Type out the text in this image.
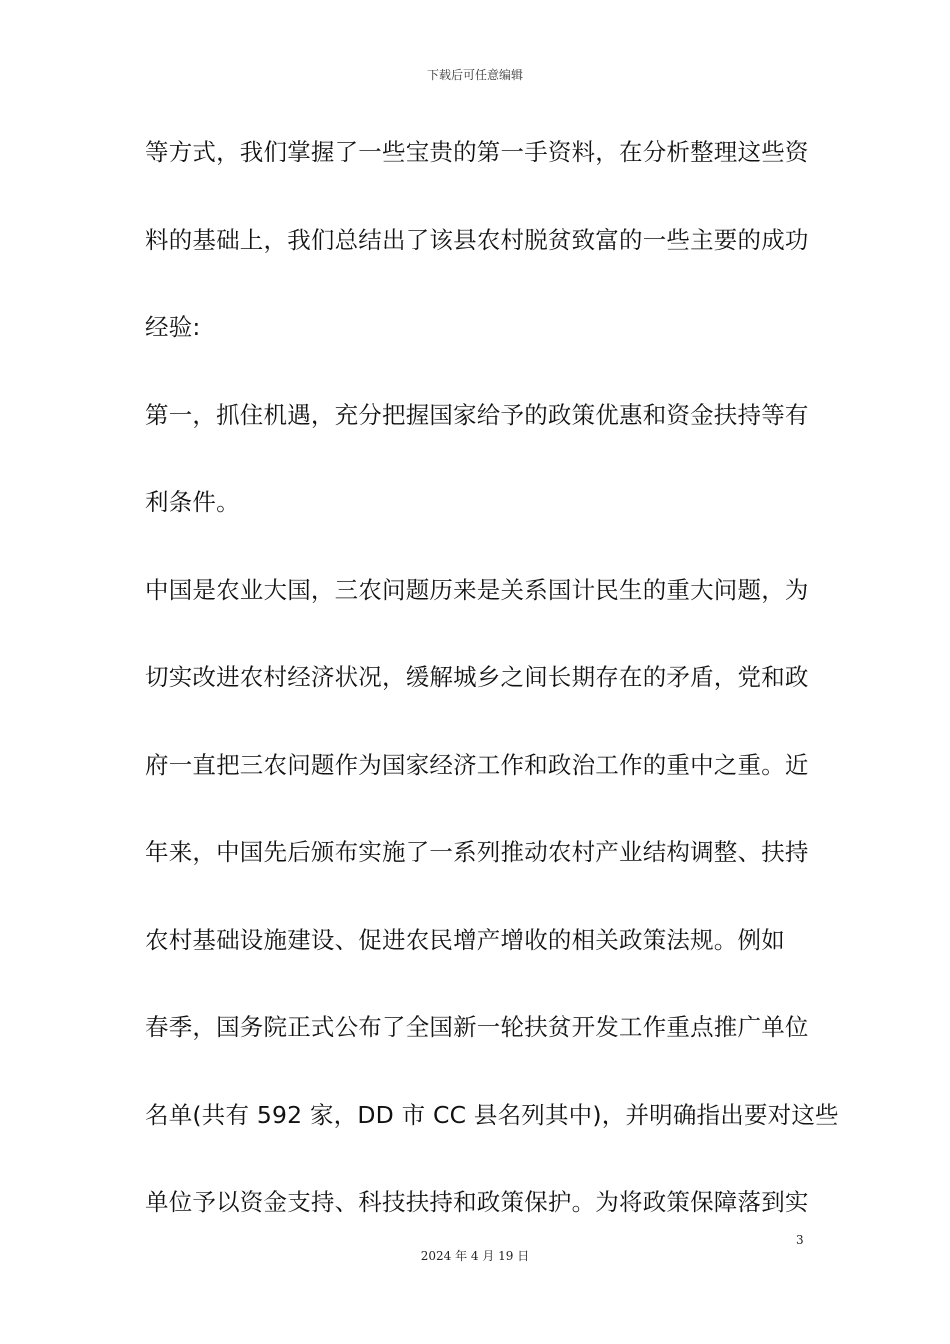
下载后可任意编辑
等方式，我们掌握了一些宝贵的第一手资料，在分析整理这些资
料的基础上，我们总结出了该县农村脱贫致富的一些主要的成功
经验:
第一，抓住机遇，充分把握国家给予的政策优惠和资金扶持等有
利条件。
中国是农业大国，三农问题历来是关系国计民生的重大问题，为
切实改进农村经济状况，缓解城乡之间长期存在的矛盾，党和政
府一直把三农问题作为国家经济工作和政治工作的重中之重。近
年来，中国先后颁布实施了一系列推动农村产业结构调整、扶持
农村基础设施建设、促进农民增产增收的相关政策法规。例如
春季，国务院正式公布了全国新一轮扶贫开发工作重点推广单位
名单(共有 592 家，DD 市 CC 县名列其中)，并明确指出要对这些
单位予以资金支持、科技扶持和政策保护。为将政策保障落到实
3
2024 年 4 月 19 日
